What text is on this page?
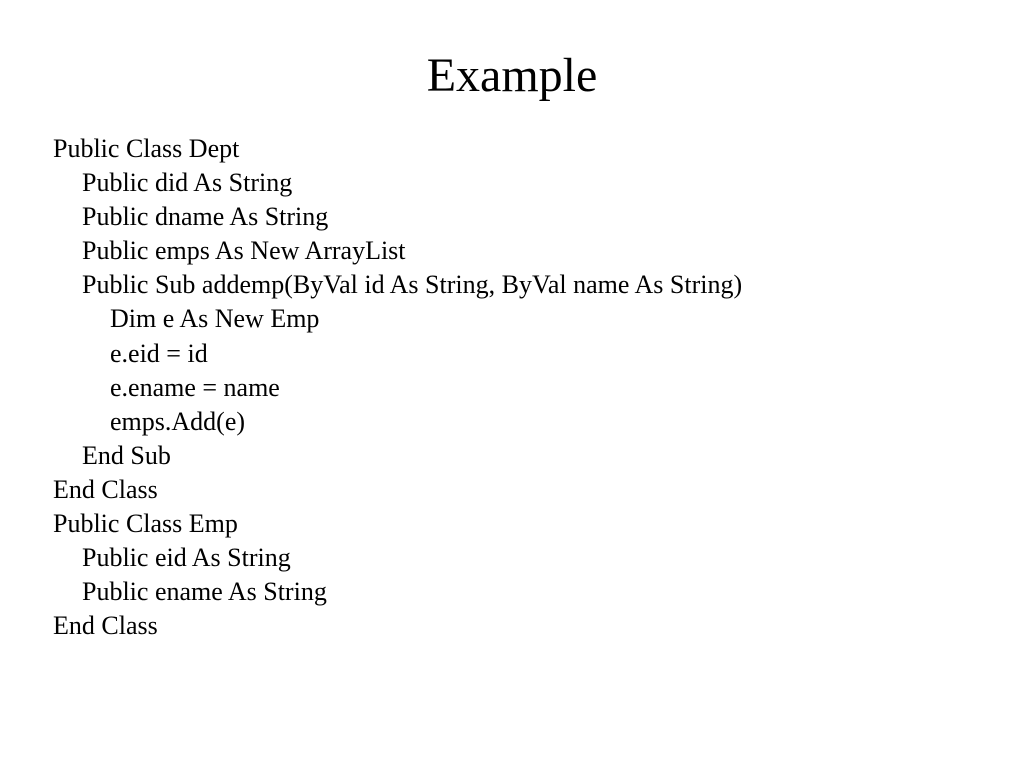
Example
Public Class Dept
Public did As String
Public dname As String
Public emps As New ArrayList
Public Sub addemp(ByVal id As String, ByVal name As String)
Dim e As New Emp
e.eid = id
e.ename = name
emps.Add(e)
End Sub
End Class
Public Class Emp
Public eid As String
Public ename As String
End Class
